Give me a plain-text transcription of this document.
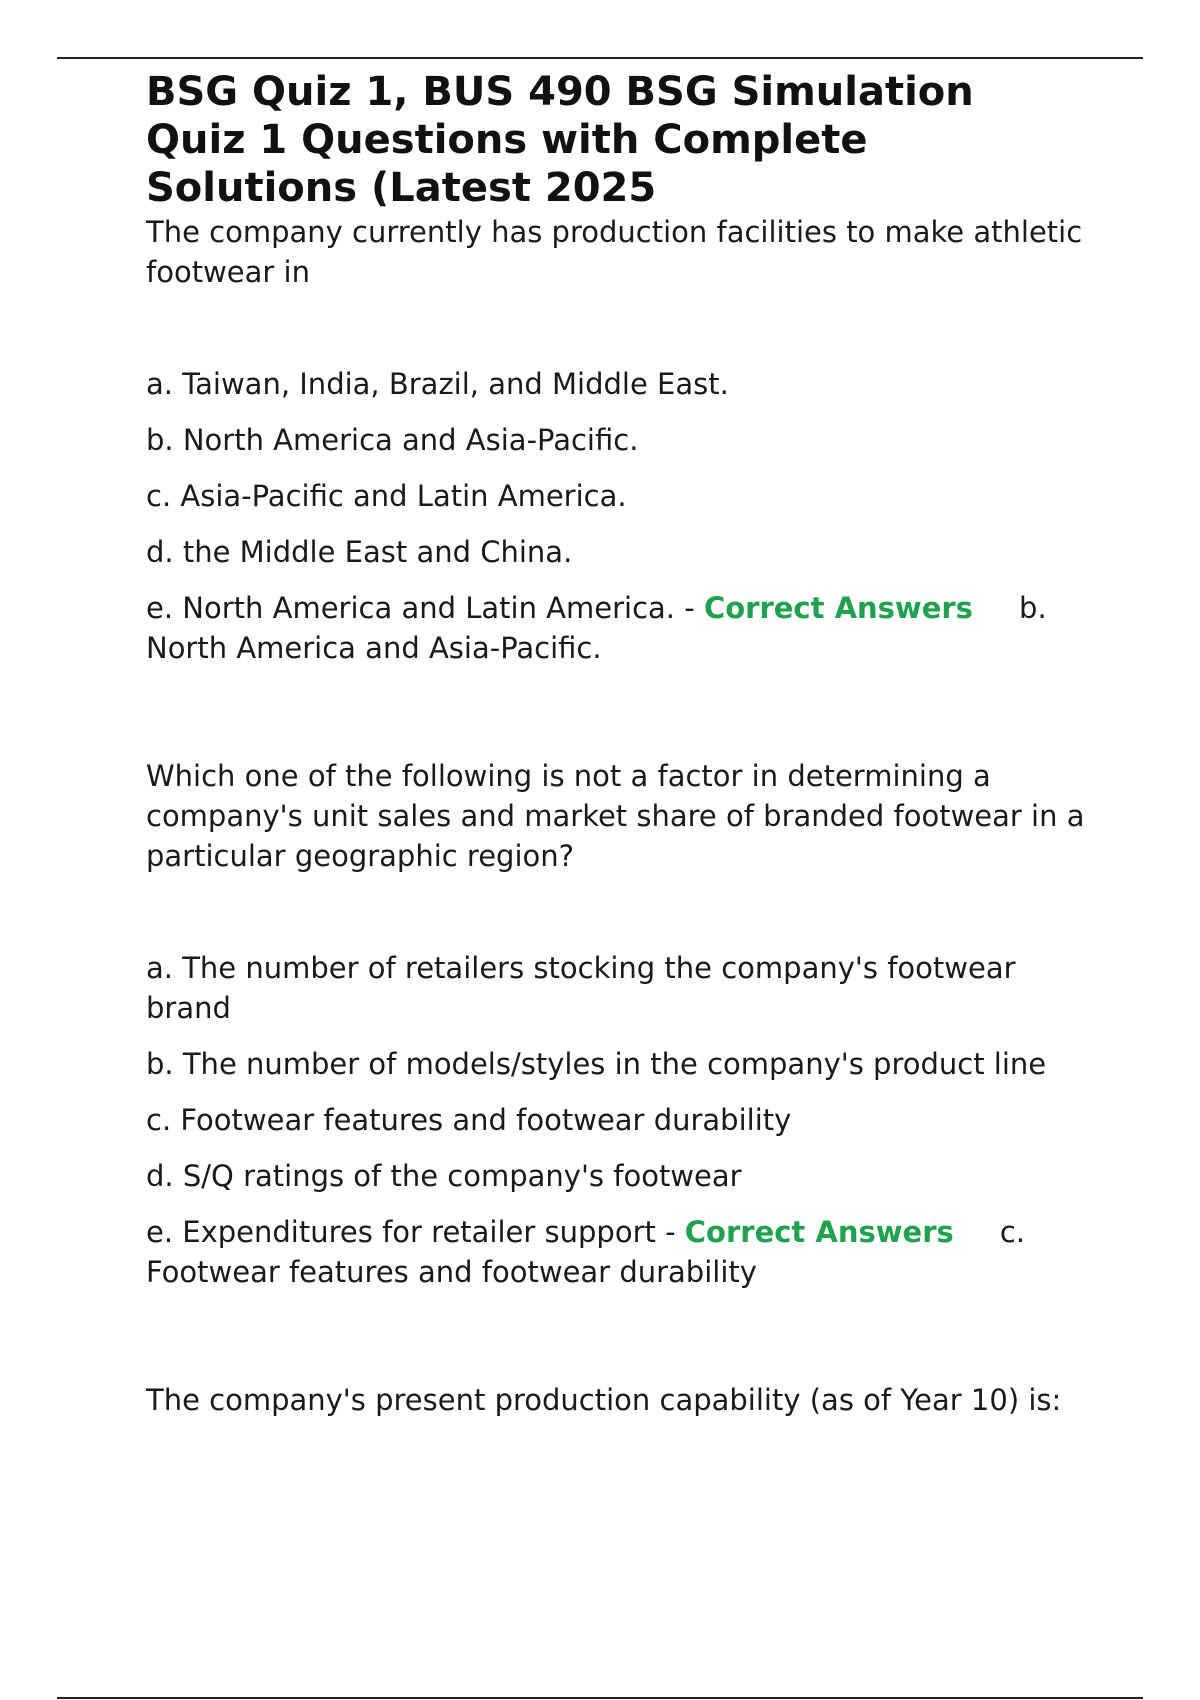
BSG Quiz 1, BUS 490 BSG Simulation Quiz 1 Questions with Complete Solutions (Latest 2025

The company currently has production facilities to make athletic footwear in

a. Taiwan, India, Brazil, and Middle East.
b. North America and Asia-Pacific.
c. Asia-Pacific and Latin America.
d. the Middle East and China.
e. North America and Latin America. - Correct Answers b. North America and Asia-Pacific.

Which one of the following is not a factor in determining a company's unit sales and market share of branded footwear in a particular geographic region?

a. The number of retailers stocking the company's footwear brand
b. The number of models/styles in the company's product line
c. Footwear features and footwear durability
d. S/Q ratings of the company's footwear
e. Expenditures for retailer support - Correct Answers c. Footwear features and footwear durability

The company's present production capability (as of Year 10) is:
